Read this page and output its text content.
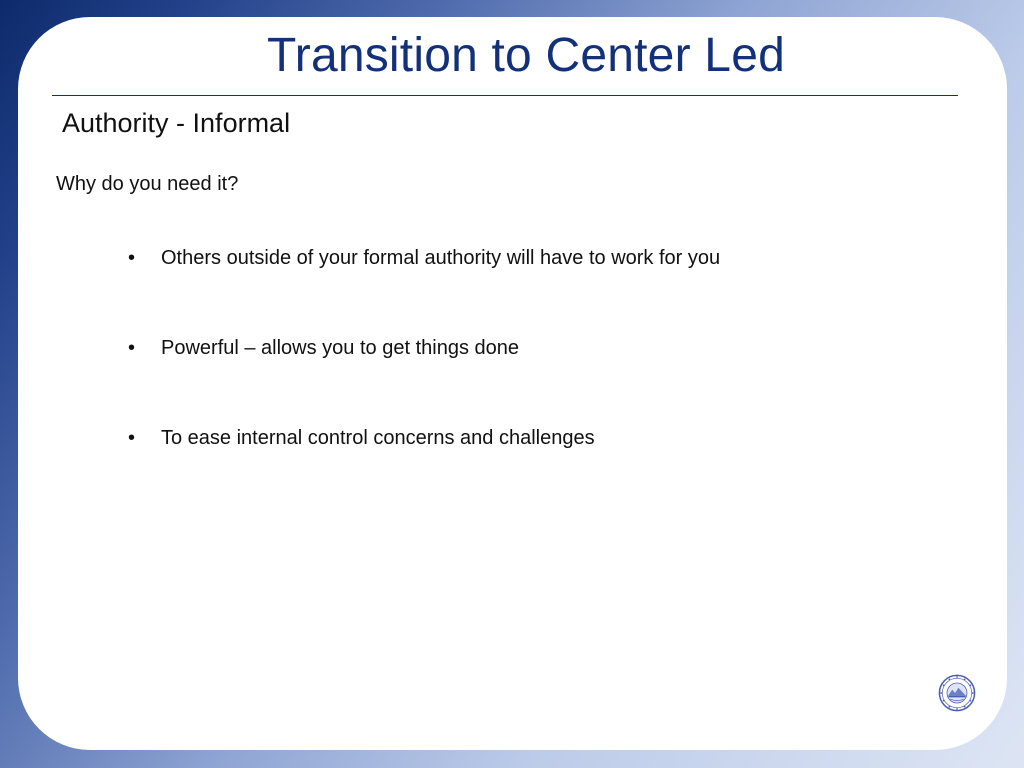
Transition to Center Led
Authority - Informal

Why do you need it?

• Others outside of your formal authority will have to work for you
• Powerful – allows you to get things done
• To ease internal control concerns and challenges
